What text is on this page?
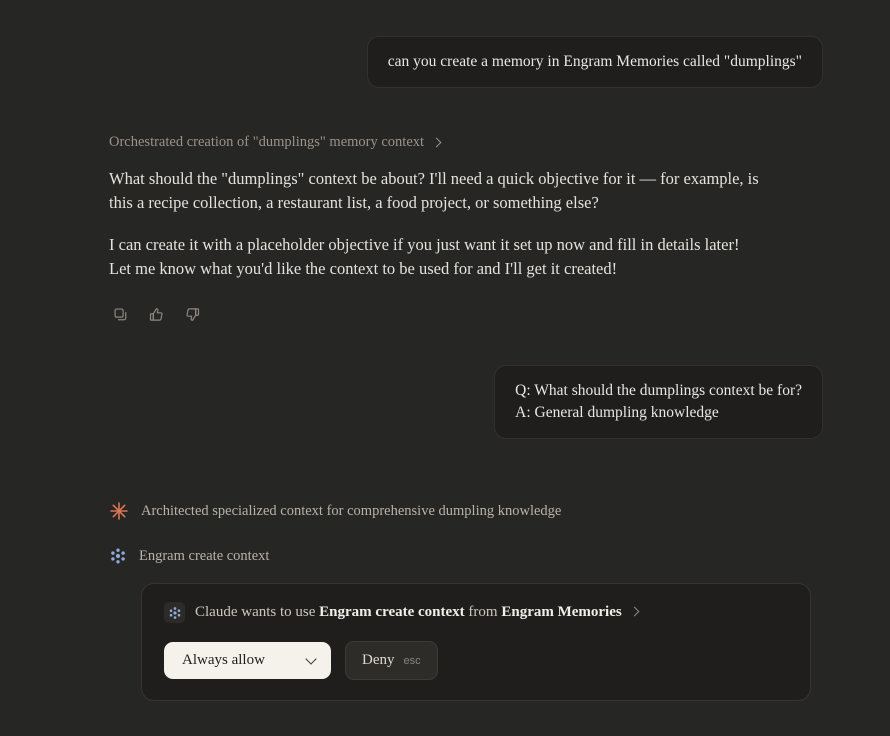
can you create a memory in Engram Memories called "dumplings"
Orchestrated creation of "dumplings" memory context

What should the "dumplings" context be about? I'll need a quick objective for it — for example, is this a recipe collection, a restaurant list, a food project, or something else?

I can create it with a placeholder objective if you just want it set up now and fill in details later!

Let me know what you'd like the context to be used for and I'll get it created!

Q: What should the dumplings context be for?
A: General dumpling knowledge
Architected specialized context for comprehensive dumpling knowledge
Engram create context
Claude wants to use Engram create context from Engram Memories
Always allow	Deny esc
